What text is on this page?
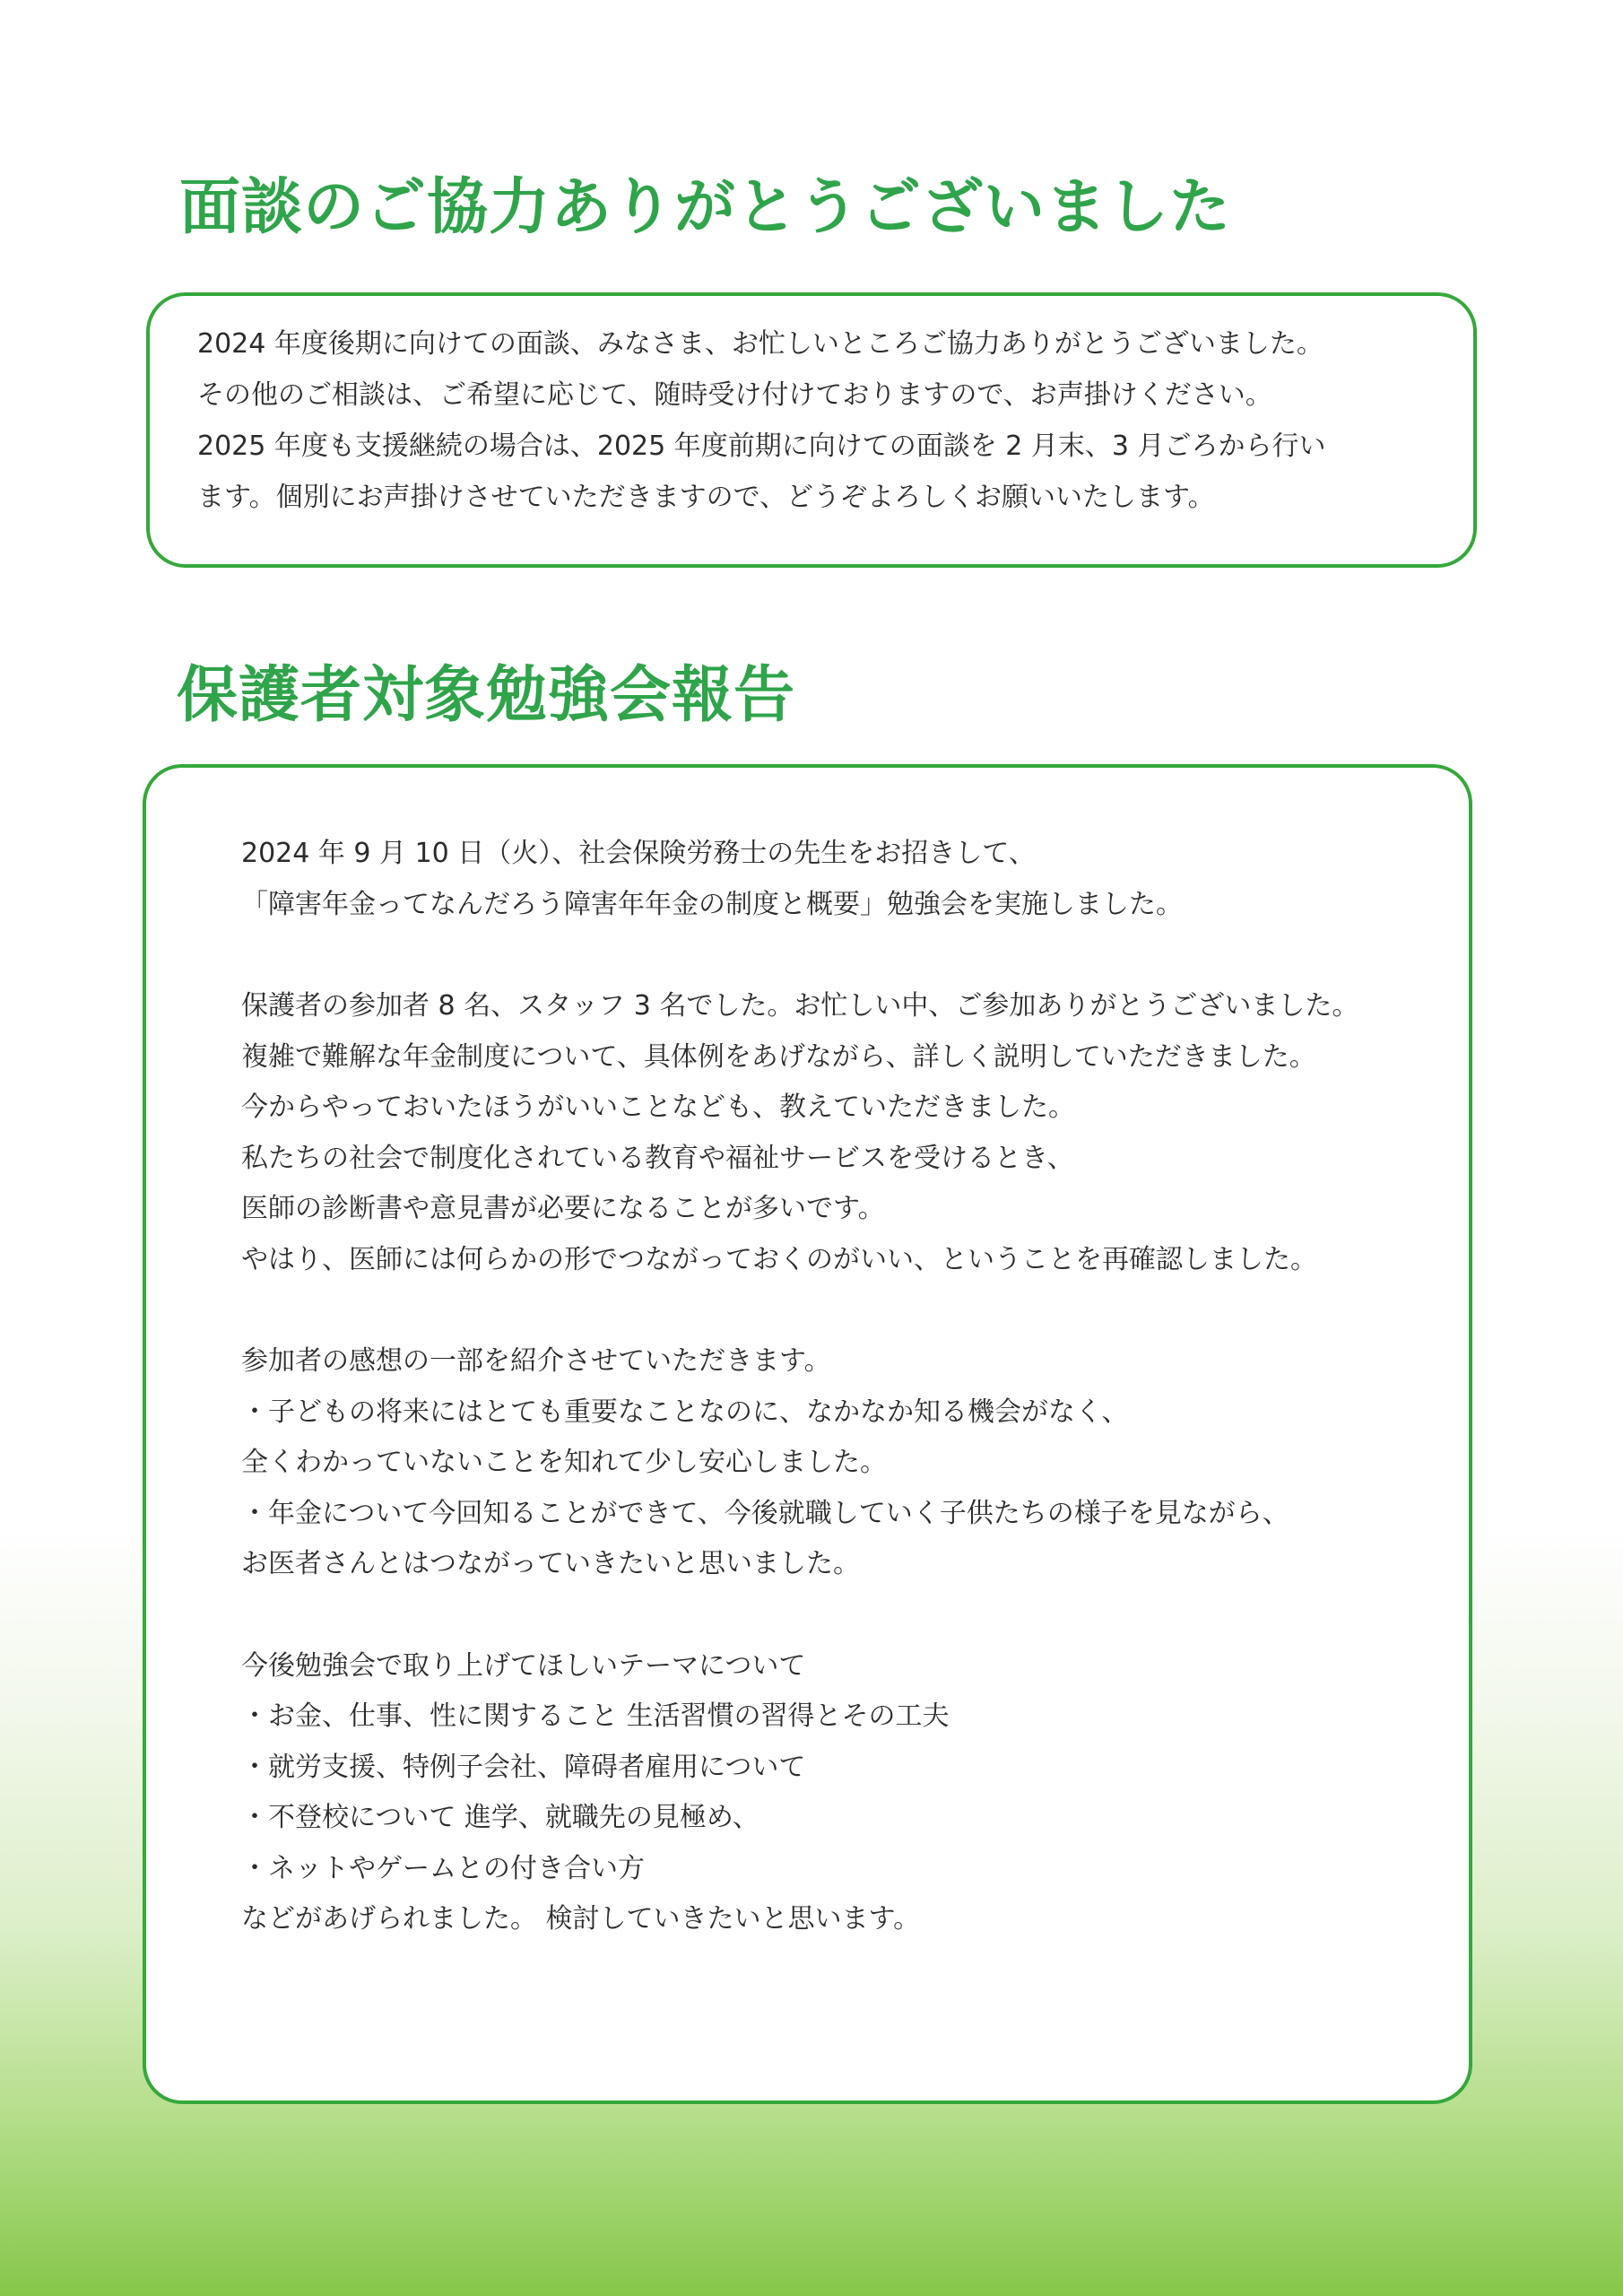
面談のご協力ありがとうございました

2024 年度後期に向けての面談、みなさま、お忙しいところご協力ありがとうございました。

その他のご相談は、ご希望に応じて、随時受け付けておりますので、お声掛けください。

2025 年度も支援継続の場合は、2025 年度前期に向けての面談を 2 月末、3 月ごろから行い

ます。個別にお声掛けさせていただきますので、どうぞよろしくお願いいたします。

保護者対象勉強会報告

2024 年 9 月 10 日（火）、社会保険労務士の先生をお招きして、

「障害年金ってなんだろう障害年年金の制度と概要」勉強会を実施しました。

保護者の参加者 8 名、スタッフ 3 名でした。お忙しい中、ご参加ありがとうございました。

複雑で難解な年金制度について、具体例をあげながら、詳しく説明していただきました。

今からやっておいたほうがいいことなども、教えていただきました。

私たちの社会で制度化されている教育や福祉サービスを受けるとき、

医師の診断書や意見書が必要になることが多いです。

やはり、医師には何らかの形でつながっておくのがいい、ということを再確認しました。

参加者の感想の一部を紹介させていただきます。

・子どもの将来にはとても重要なことなのに、なかなか知る機会がなく、

全くわかっていないことを知れて少し安心しました。

・年金について今回知ることができて、今後就職していく子供たちの様子を見ながら、

お医者さんとはつながっていきたいと思いました。

今後勉強会で取り上げてほしいテーマについて

・お金、仕事、性に関すること 生活習慣の習得とその工夫

・就労支援、特例子会社、障碍者雇用について

・不登校について 進学、就職先の見極め、

・ネットやゲームとの付き合い方

などがあげられました。 検討していきたいと思います。
